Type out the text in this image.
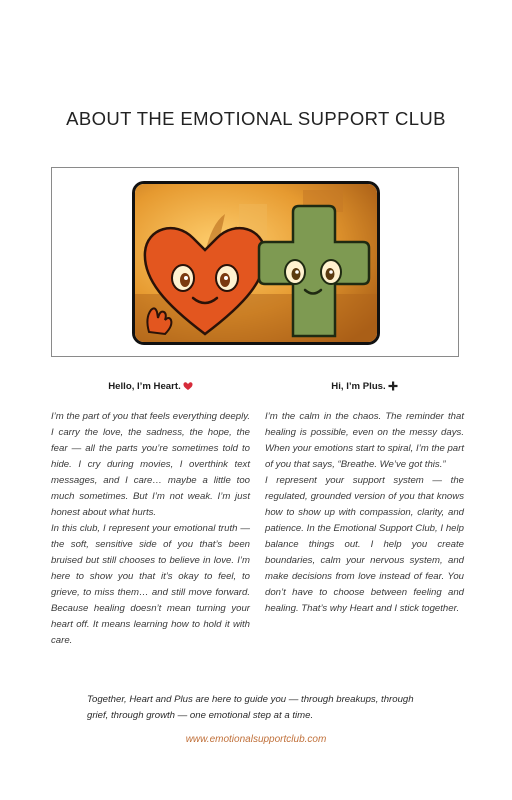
ABOUT THE EMOTIONAL SUPPORT CLUB
Hello, I’m Heart.

I’m the part of you that feels everything deeply. I carry the love, the sadness, the hope, the fear — all the parts you’re sometimes told to hide. I cry during movies, I overthink text messages, and I care… maybe a little too much sometimes. But I’m not weak. I’m just honest about what hurts.

In this club, I represent your emotional truth — the soft, sensitive side of you that’s been bruised but still chooses to believe in love. I’m here to show you that it’s okay to feel, to grieve, to miss them… and still move forward. Because healing doesn’t mean turning your heart off. It means learning how to hold it with care.

Hi, I’m Plus.

I’m the calm in the chaos. The reminder that healing is possible, even on the messy days. When your emotions start to spiral, I’m the part of you that says, “Breathe. We’ve got this.”

I represent your support system — the regulated, grounded version of you that knows how to show up with compassion, clarity, and patience. In the Emotional Support Club, I help balance things out. I help you create boundaries, calm your nervous system, and make decisions from love instead of fear. You don’t have to choose between feeling and healing. That’s why Heart and I stick together.

Together, Heart and Plus are here to guide you — through breakups, through grief, through growth — one emotional step at a time.

www.emotionalsupportclub.com
